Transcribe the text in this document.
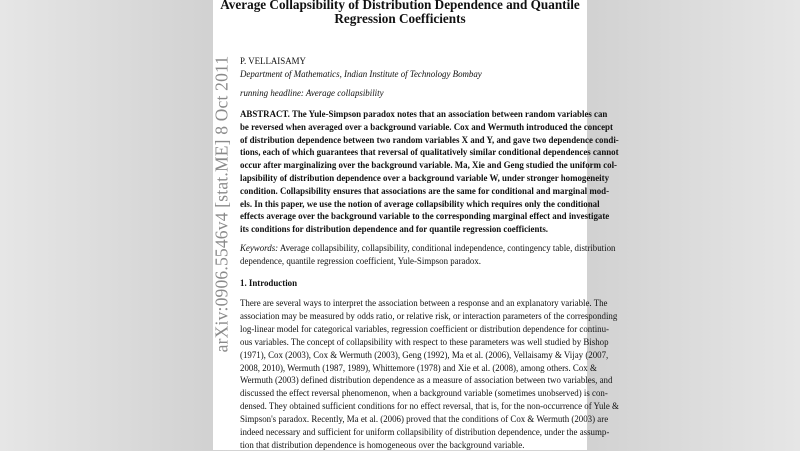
arXiv:0906.5546v4 [stat.ME] 8 Oct 2011
Average Collapsibility of Distribution Dependence and Quantile
Regression Coefficients
P. VELLAISAMY
Department of Mathematics, Indian Institute of Technology Bombay
running headline: Average collapsibility
ABSTRACT. The Yule-Simpson paradox notes that an association between random variables can
be reversed when averaged over a background variable. Cox and Wermuth introduced the concept
of distribution dependence between two random variables X and Y, and gave two dependence condi-
tions, each of which guarantees that reversal of qualitatively similar conditional dependences cannot
occur after marginalizing over the background variable. Ma, Xie and Geng studied the uniform col-
lapsibility of distribution dependence over a background variable W, under stronger homogeneity
condition. Collapsibility ensures that associations are the same for conditional and marginal mod-
els. In this paper, we use the notion of average collapsibility which requires only the conditional
effects average over the background variable to the corresponding marginal effect and investigate
its conditions for distribution dependence and for quantile regression coefficients.
Keywords: Average collapsibility, collapsibility, conditional independence, contingency table, distribution
dependence, quantile regression coefficient, Yule-Simpson paradox.
1. Introduction
There are several ways to interpret the association between a response and an explanatory variable. The
association may be measured by odds ratio, or relative risk, or interaction parameters of the corresponding
log-linear model for categorical variables, regression coefficient or distribution dependence for continu-
ous variables. The concept of collapsibility with respect to these parameters was well studied by Bishop
(1971), Cox (2003), Cox & Wermuth (2003), Geng (1992), Ma et al. (2006), Vellaisamy & Vijay (2007,
2008, 2010), Wermuth (1987, 1989), Whittemore (1978) and Xie et al. (2008), among others. Cox &
Wermuth (2003) defined distribution dependence as a measure of association between two variables, and
discussed the effect reversal phenomenon, when a background variable (sometimes unobserved) is con-
densed. They obtained sufficient conditions for no effect reversal, that is, for the non-occurrence of Yule &
Simpson's paradox. Recently, Ma et al. (2006) proved that the conditions of Cox & Wermuth (2003) are
indeed necessary and sufficient for uniform collapsibility of distribution dependence, under the assump-
tion that distribution dependence is homogeneous over the background variable.
